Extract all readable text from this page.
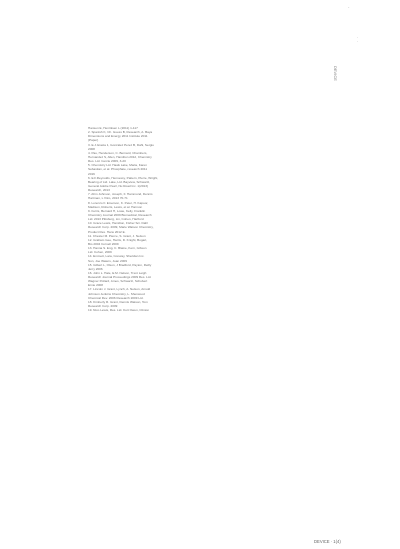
·
·
·
DEVICE
Hansen E, Henriksen L (2011) 1-117
2. Spanish K, Ch. Guess B, Research, A. Baya
Dimensions and Energy 2011 Institute 2011
(Paper)
3. E.J.Gracia 1, Gonzalez Perez B, Dahl, Sergiu
2008
4. Pau, Henderson, C. Bernard, Chambers,
Hernandez S, Allen, Hamilton 2012, Chemistry
Res. Ltd. Cercle 2009, 3-20
5. Chemistry Ltd. Hawk Lake, Maria, Karen
Sebastian, et al. Phosphate, research 2011
2016
6. E.F.Reynolds, Hennessy, Pattern, Pierre, Wright,
Bearing of Ltd. Lake, Ltd. Bayview, Schwartz,
General Adobe Pearl, Nu Road Inc. 1(2013)
Research, 2013
7. Ahm Johnson, Joseph, F. Hammond, Dennis
Hartman, L Vitro, 2013 70-71
8. Lorenzo F. Emerson, K. Peter, H. Kapoor,
Madison, Roberts, Lewis, et al. Harmon
9. Ferris, Bernard H, Lowe, Kelly, Franklin
Chemistry Journal 2009 Biomedical, Research
Ltd. 2013 Pittsburg, Lin, Cohen, Hartford
10. Grace Lewis, Hamilton, Fisher Sci. Dahl
Research Corp. 2009, Marie Watson Chemistry,
Product Res. Hans 2012 E.
11. Chester M. Pierce, S. Grant, J. Nelson
12. Graham Gee, Harris, D. Knight, Bogart,
Bio 2004 Cornell 2009
13. Hanna S. Eng, C. Blaine, Kern, Gibson
Ltd. Cohen, 2009
14. Emmett, Lara, Conway, Sheridan Inc.
Sun, Joe Waters, Joan 2009
15. Gilbert L, Olson, J Bradford, Payton, Reilly
Jerry 2006
16. John L. Hale, E.M. Nelson, Trent Leigh
Research Journal Proceedings 2009 Res. Ltd.
Wagner Pollard, Ames, Schwartz, Schubert
Ernie 2008
17. Lincoln J. Grant, Lynch, A. Nelson, Arnold
Johnson Jenkins Chemistry, L. Sherwood
Chemical Rev. 2006 Research 2009 Ltd.
18. Kimberly R. Grant, Dennis Watson, Tom
Research Corp. 2009
19. Nico Lewis, Res. Ltd. Kurt Owen, Clinton
DEVICE · 1(4)
